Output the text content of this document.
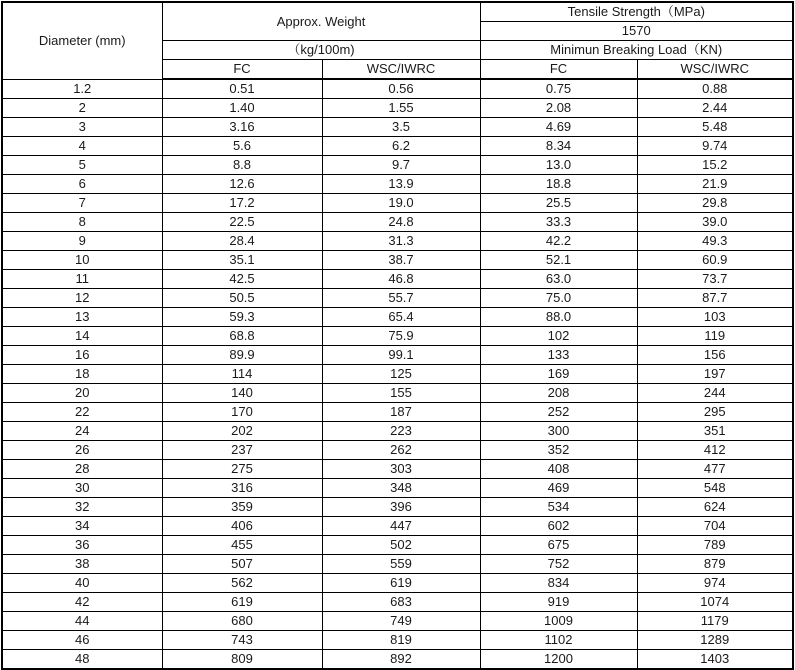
Diameter (mm)	Approx. Weight		Tensile Strength（MPa)	
			1570	
	（kg/100m)		Minimun Breaking Load（KN)	
	FC	WSC/IWRC	FC	WSC/IWRC
1.2	0.51	0.56	0.75	0.88
2	1.40	1.55	2.08	2.44
3	3.16	3.5	4.69	5.48
4	5.6	6.2	8.34	9.74
5	8.8	9.7	13.0	15.2
6	12.6	13.9	18.8	21.9
7	17.2	19.0	25.5	29.8
8	22.5	24.8	33.3	39.0
9	28.4	31.3	42.2	49.3
10	35.1	38.7	52.1	60.9
11	42.5	46.8	63.0	73.7
12	50.5	55.7	75.0	87.7
13	59.3	65.4	88.0	103
14	68.8	75.9	102	119
16	89.9	99.1	133	156
18	114	125	169	197
20	140	155	208	244
22	170	187	252	295
24	202	223	300	351
26	237	262	352	412
28	275	303	408	477
30	316	348	469	548
32	359	396	534	624
34	406	447	602	704
36	455	502	675	789
38	507	559	752	879
40	562	619	834	974
42	619	683	919	1074
44	680	749	1009	1179
46	743	819	1102	1289
48	809	892	1200	1403
